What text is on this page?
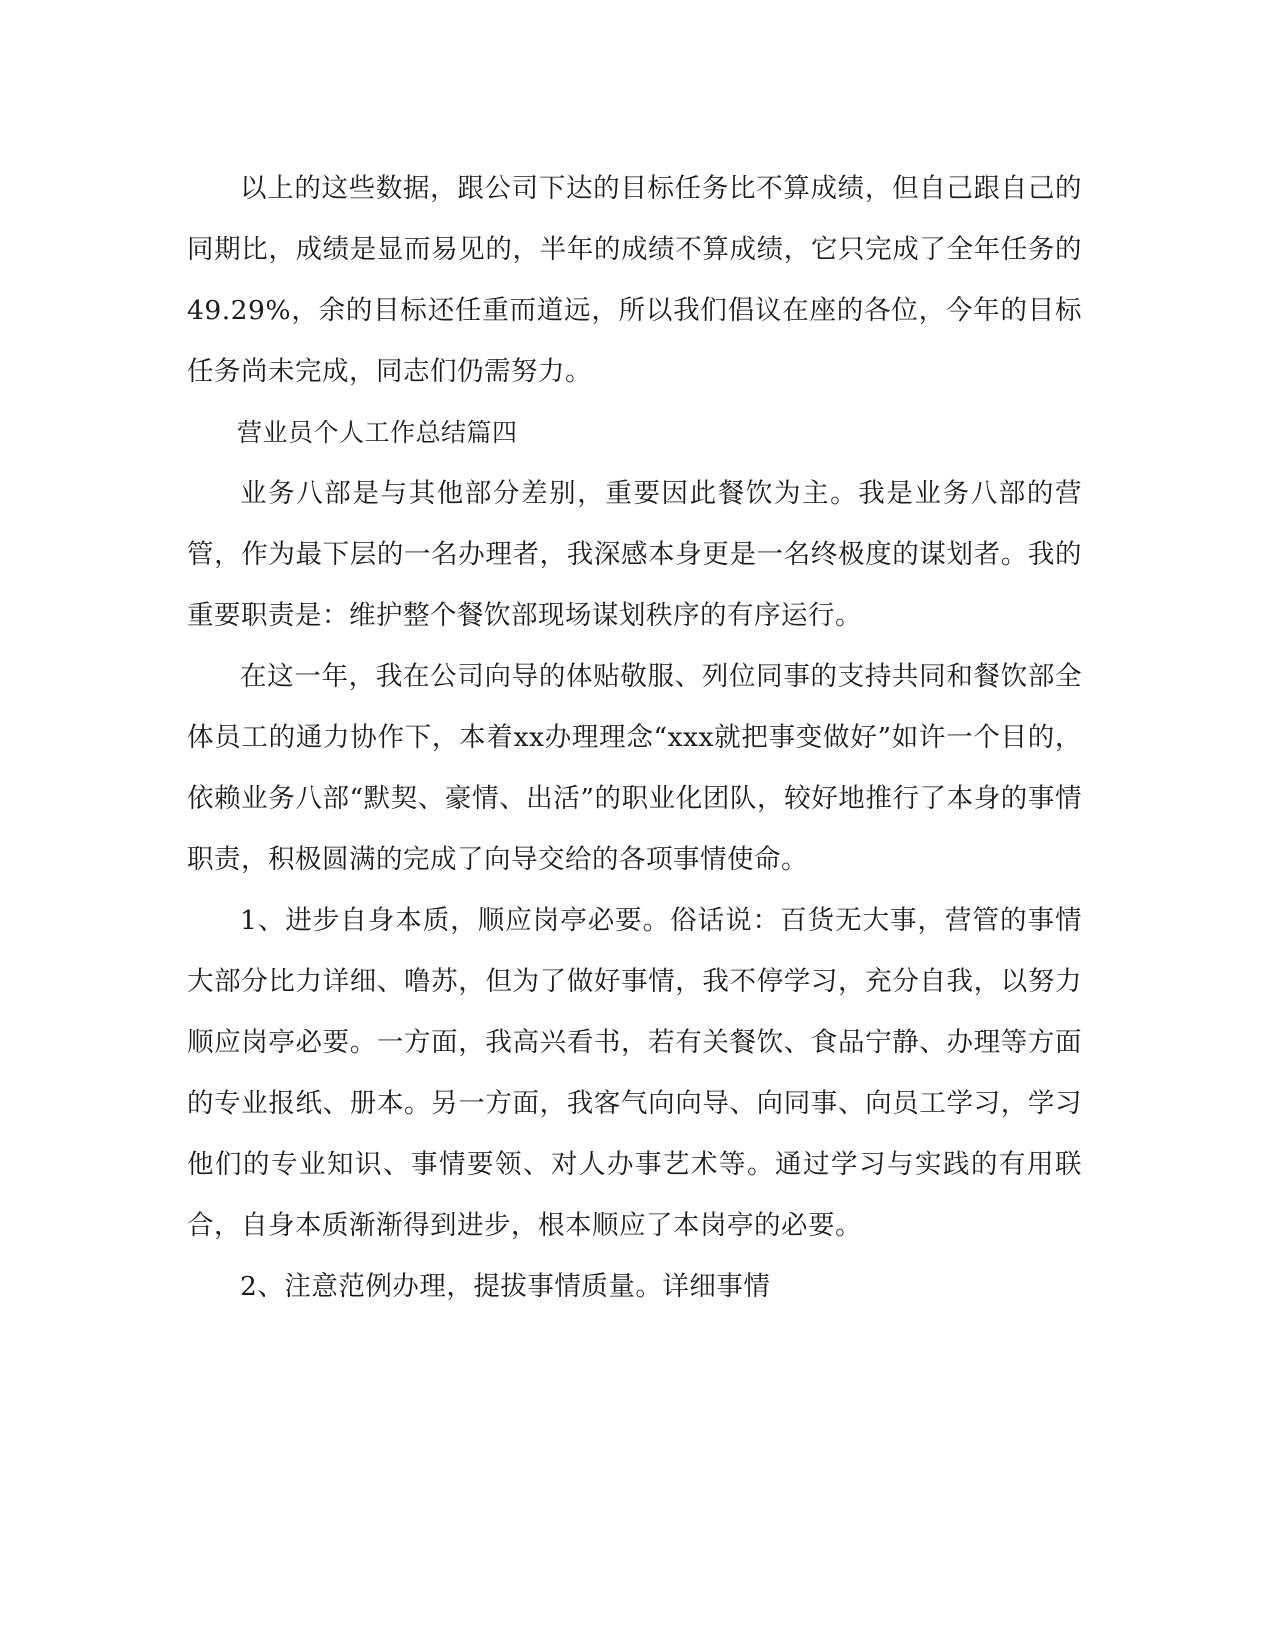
以上的这些数据，跟公司下达的目标任务比不算成绩，但自己跟自己的同期比，成绩是显而易见的，半年的成绩不算成绩，它只完成了全年任务的49.29%，余的目标还任重而道远，所以我们倡议在座的各位，今年的目标任务尚未完成，同志们仍需努力。

营业员个人工作总结篇四

业务八部是与其他部分差别，重要因此餐饮为主。我是业务八部的营管，作为最下层的一名办理者，我深感本身更是一名终极度的谋划者。我的重要职责是：维护整个餐饮部现场谋划秩序的有序运行。

在这一年，我在公司向导的体贴敬服、列位同事的支持共同和餐饮部全体员工的通力协作下，本着xx办理理念“xxx就把事变做好”如许一个目的，依赖业务八部“默契、豪情、出活”的职业化团队，较好地推行了本身的事情职责，积极圆满的完成了向导交给的各项事情使命。

1、进步自身本质，顺应岗亭必要。俗话说：百货无大事，营管的事情大部分比力详细、噜苏，但为了做好事情，我不停学习，充分自我，以努力顺应岗亭必要。一方面，我高兴看书，若有关餐饮、食品宁静、办理等方面的专业报纸、册本。另一方面，我客气向向导、向同事、向员工学习，学习他们的专业知识、事情要领、对人办事艺术等。通过学习与实践的有用联合，自身本质渐渐得到进步，根本顺应了本岗亭的必要。

2、注意范例办理，提拔事情质量。详细事情
